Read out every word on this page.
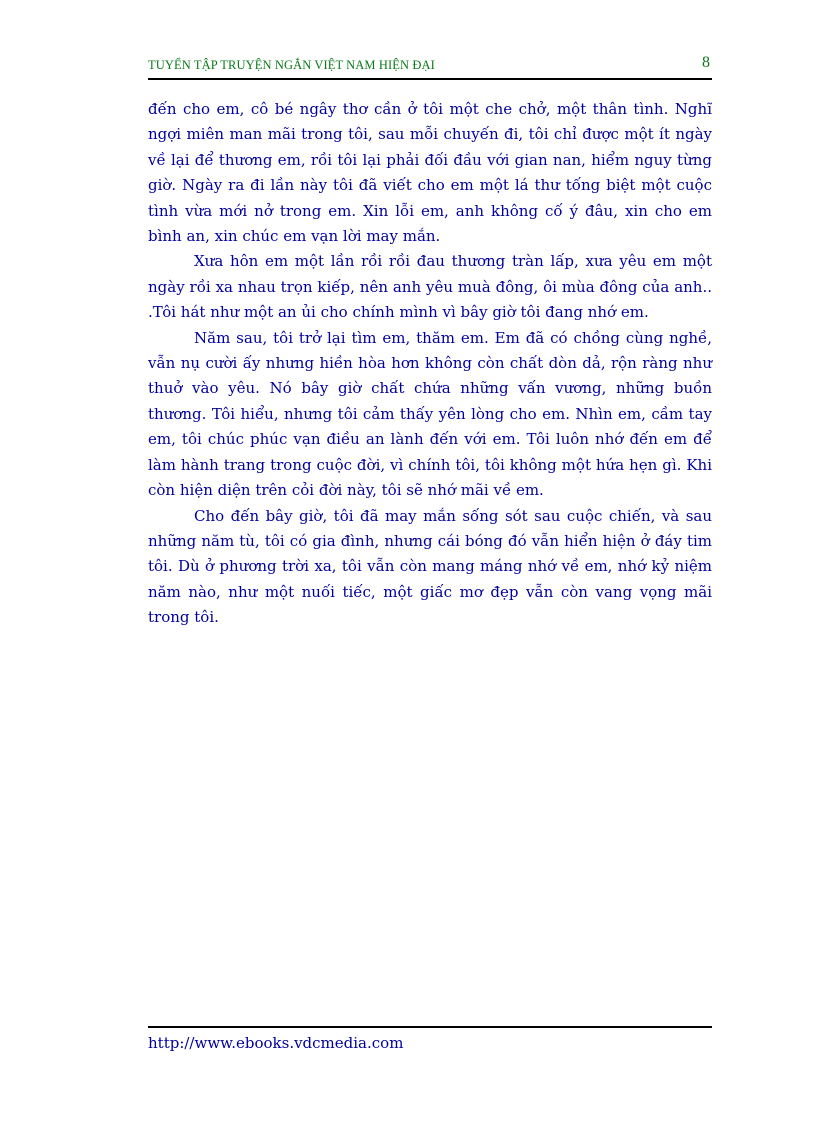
TUYỂN TẬP TRUYỆN NGẮN VIỆT NAM HIỆN ĐẠI	8

đến cho em, cô bé ngây thơ cần ở tôi một che chở, một thân tình. Nghĩ ngợi miên man mãi trong tôi, sau mỗi chuyến đi, tôi chỉ được một ít ngày về lại để thương em, rồi tôi lại phải đối đầu với gian nan, hiểm nguy từng giờ. Ngày ra đi lần này tôi đã viết cho em một lá thư tống biệt một cuộc tình vừa mới nở trong em. Xin lỗi em, anh không cố ý đâu, xin cho em bình an, xin chúc em vạn lời may mắn.

Xưa hôn em một lần rồi rồi đau thương tràn lấp, xưa yêu em một ngày rồi xa nhau trọn kiếp, nên anh yêu muà đông, ôi mùa đông của anh.. .Tôi hát như một an ủi cho chính mình vì bây giờ tôi đang nhớ em.

Năm sau, tôi trở lại tìm em, thăm em. Em đã có chồng cùng nghề, vẫn nụ cười ấy nhưng hiền hòa hơn không còn chất dòn dả, rộn ràng như thuở vào yêu. Nó bây giờ chất chứa những vấn vương, những buồn thương. Tôi hiểu, nhưng tôi cảm thấy yên lòng cho em. Nhìn em, cầm tay em, tôi chúc phúc vạn điều an lành đến với em. Tôi luôn nhớ đến em để làm hành trang trong cuộc đời, vì chính tôi, tôi không một hứa hẹn gì. Khi còn hiện diện trên cỏi đời này, tôi sẽ nhớ mãi về em.

Cho đến bây giờ, tôi đã may mắn sống sót sau cuộc chiến, và sau những năm tù, tôi có gia đình, nhưng cái bóng đó vẫn hiển hiện ở đáy tim tôi. Dù ở phương trời xa, tôi vẫn còn mang máng nhớ về em, nhớ kỷ niệm năm nào, như một nuối tiếc, một giấc mơ đẹp vẫn còn vang vọng mãi trong tôi.

http://www.ebooks.vdcmedia.com
